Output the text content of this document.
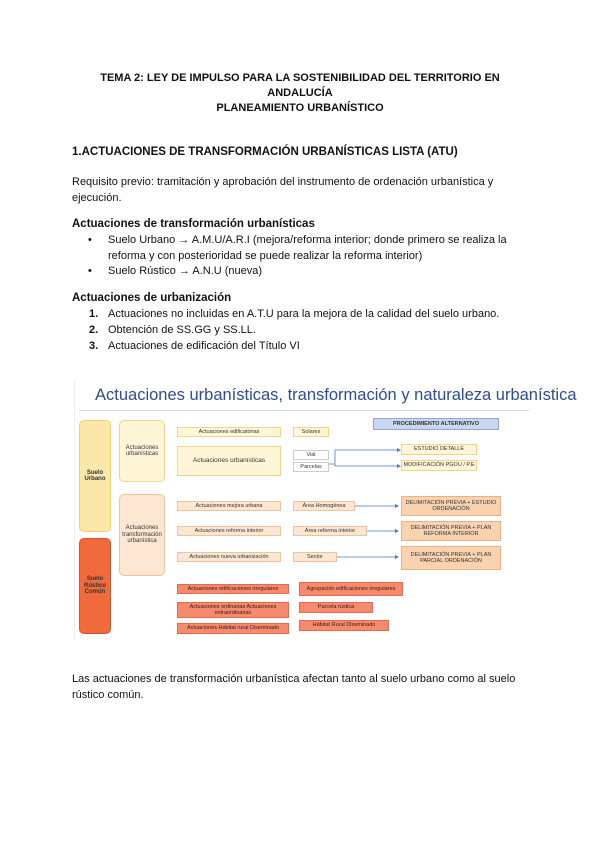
TEMA 2: LEY DE IMPULSO PARA LA SOSTENIBILIDAD DEL TERRITORIO EN
ANDALUCÍA
PLANEAMIENTO URBANÍSTICO
1.ACTUACIONES DE TRANSFORMACIÓN URBANÍSTICAS LISTA (ATU)
Requisito previo: tramitación y aprobación del instrumento de ordenación urbanística y ejecución.
Actuaciones de transformación urbanísticas
• Suelo Urbano → A.M.U/A.R.I (mejora/reforma interior; donde primero se realiza la reforma y con posterioridad se puede realizar la reforma interior)
• Suelo Rústico → A.N.U (nueva)
Actuaciones de urbanización
1. Actuaciones no incluidas en A.T.U para la mejora de la calidad del suelo urbano.
2. Obtención de SS.GG y SS.LL.
3. Actuaciones de edificación del Título VI
Actuaciones urbanísticas, transformación y naturaleza urbanística
Suelo Urbano
Suelo Rústico Común
Actuaciones urbanísticas
Actuaciones transformación urbanística
Actuaciones edificatorias
Actuaciones urbanísticas
Solares
Vial
Parcelas
PROCEDIMIENTO ALTERNATIVO
ESTUDIO DETALLE
MODIFICACIÓN PGOU / P.E
Actuaciones mejora urbana	Área Homogénea
DELIMITACIÓN PREVIA + ESTUDIO ORDENACIÓN
Actuaciones reforma interior	Área reforma interior
DELIMITACIÓN PREVIA + PLAN REFORMA INTERIOR
Actuaciones nueva urbanización	Sector	DELIMITACIÓN PREVIA + PLAN PARCIAL ORDENACIÓN
Actuaciones edificaciones irregulares	Agrupación edificaciones irregulares
Actuaciones ordinarias Actuaciones extraordinarias
Parcela rústica
Actuaciones Hábitat rural Diseminado	Hábitat Rural Diseminado
Las actuaciones de transformación urbanística afectan tanto al suelo urbano como al suelo rústico común.
